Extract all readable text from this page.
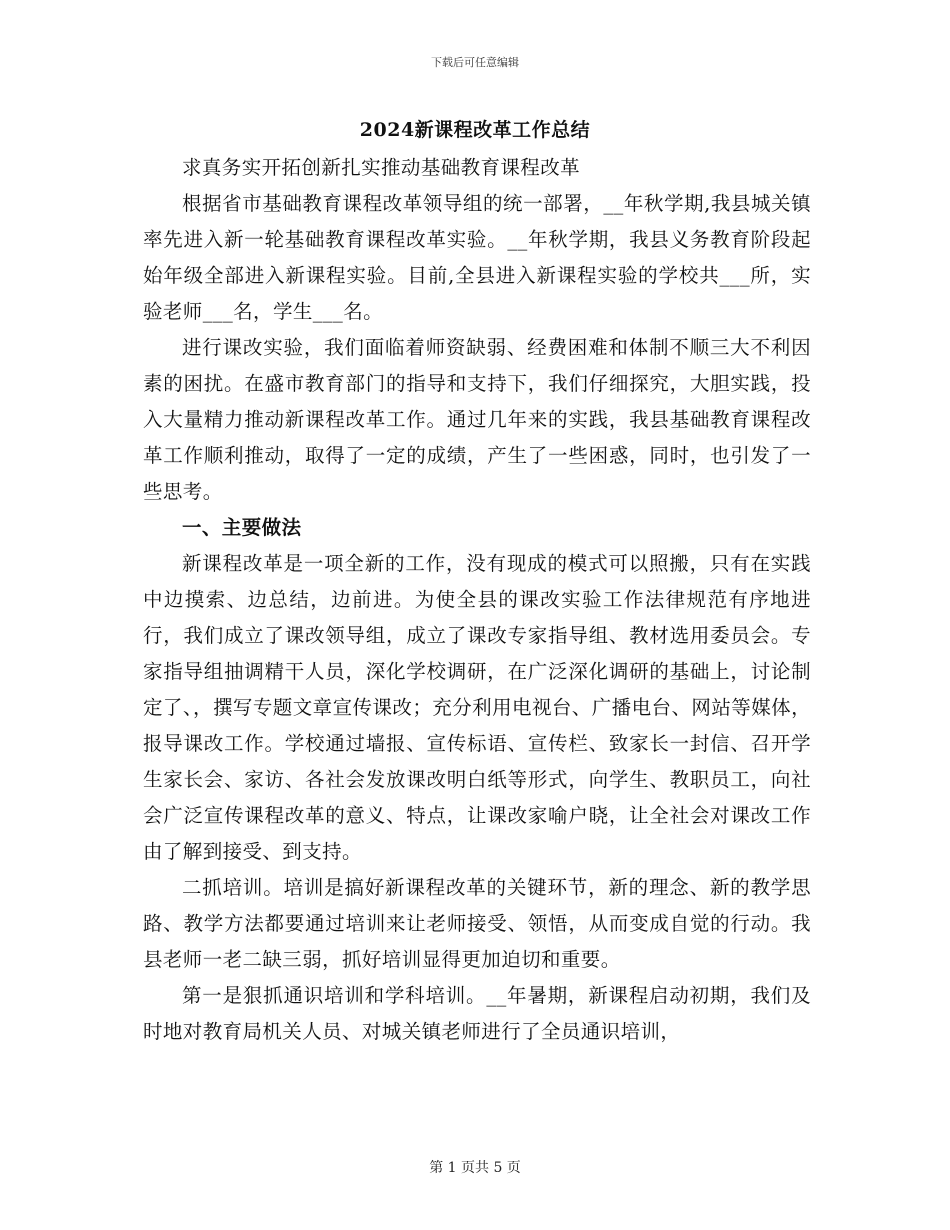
下载后可任意编辑
2024新课程改革工作总结

求真务实开拓创新扎实推动基础教育课程改革

根据省市基础教育课程改革领导组的统一部署，__年秋学期,我县城关镇率先进入新一轮基础教育课程改革实验。__年秋学期，我县义务教育阶段起始年级全部进入新课程实验。目前,全县进入新课程实验的学校共___所，实验老师___名，学生___名。

进行课改实验，我们面临着师资缺弱、经费困难和体制不顺三大不利因素的困扰。在盛市教育部门的指导和支持下，我们仔细探究，大胆实践，投入大量精力推动新课程改革工作。通过几年来的实践，我县基础教育课程改革工作顺利推动，取得了一定的成绩，产生了一些困惑，同时，也引发了一些思考。

一、主要做法

新课程改革是一项全新的工作，没有现成的模式可以照搬，只有在实践中边摸索、边总结，边前进。为使全县的课改实验工作法律规范有序地进行，我们成立了课改领导组，成立了课改专家指导组、教材选用委员会。专家指导组抽调精干人员，深化学校调研，在广泛深化调研的基础上，讨论制定了、，撰写专题文章宣传课改；充分利用电视台、广播电台、网站等媒体，报导课改工作。学校通过墙报、宣传标语、宣传栏、致家长一封信、召开学生家长会、家访、各社会发放课改明白纸等形式，向学生、教职员工，向社会广泛宣传课程改革的意义、特点，让课改家喻户晓，让全社会对课改工作由了解到接受、到支持。

二抓培训。培训是搞好新课程改革的关键环节，新的理念、新的教学思路、教学方法都要通过培训来让老师接受、领悟，从而变成自觉的行动。我县老师一老二缺三弱，抓好培训显得更加迫切和重要。

第一是狠抓通识培训和学科培训。__年暑期，新课程启动初期，我们及时地对教育局机关人员、对城关镇老师进行了全员通识培训，

第 1 页共 5 页
